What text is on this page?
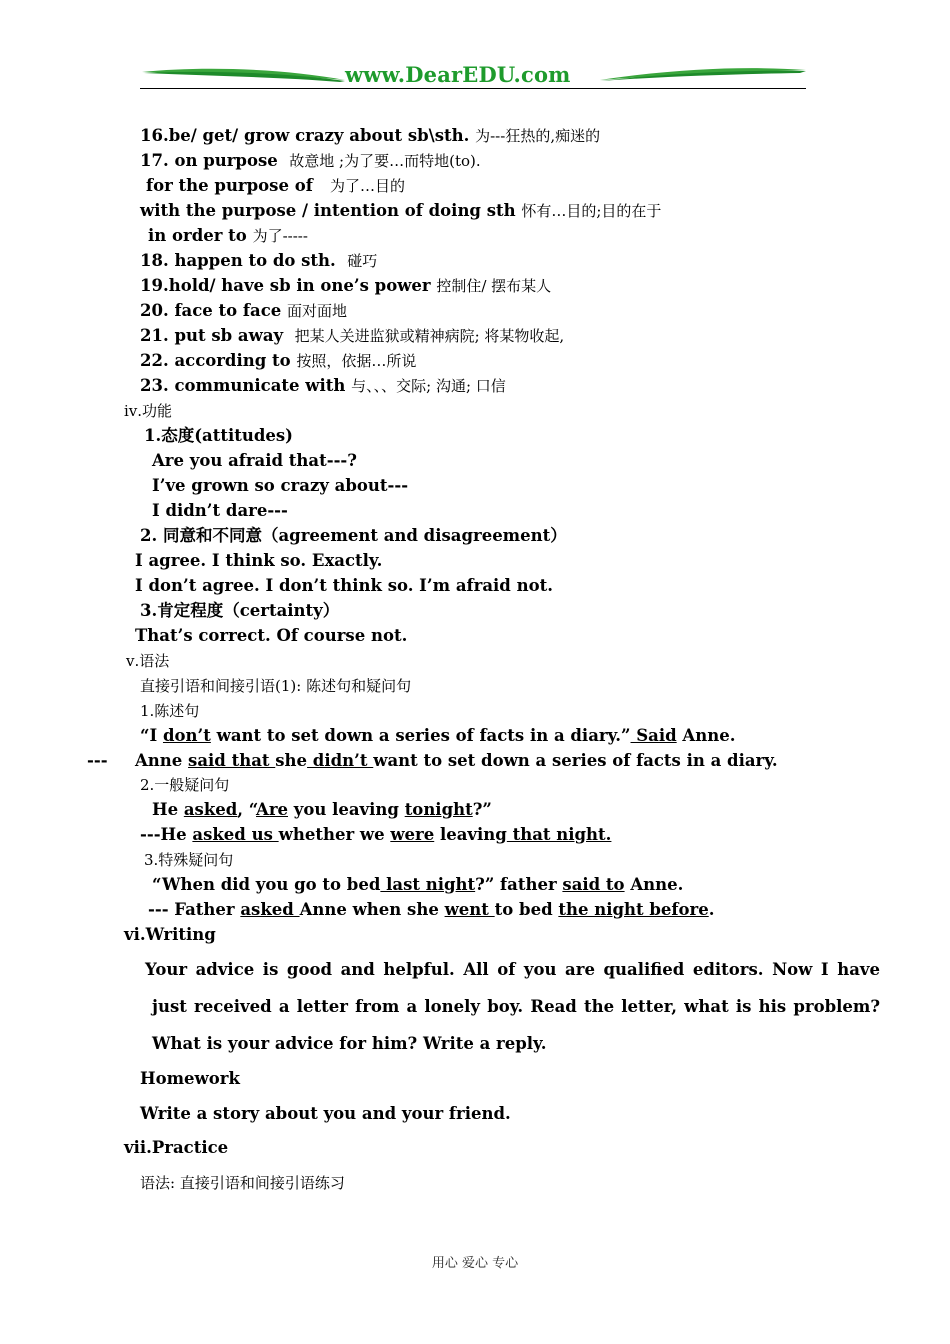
www.DearEDU.com
16.be/ get/ grow crazy about sb\sth. 为---狂热的,痴迷的
17. on purpose 故意地 ;为了要…而特地(to).
for the purpose of 为了…目的
with the purpose / intention of doing sth 怀有…目的;目的在于
in order to 为了-----
18. happen to do sth. 碰巧
19.hold/ have sb in one’s power 控制住/ 摆布某人
20. face to face 面对面地
21. put sb away 把某人关进监狱或精神病院; 将某物收起,
22. according to 按照，依据…所说
23. communicate with 与、、、交际; 沟通; 口信
ⅳ.功能
1.态度(attitudes)
Are you afraid that---?
I’ve grown so crazy about---
I didn’t dare---
2. 同意和不同意（agreement and disagreement）
I agree. I think so. Exactly.
I don’t agree. I don’t think so. I’m afraid not.
3.肯定程度（certainty）
That’s correct. Of course not.
ⅴ.语法
直接引语和间接引语(1): 陈述句和疑问句
1.陈述句
“I don’t want to set down a series of facts in a diary.” Said Anne.
--- Anne said that she didn’t want to set down a series of facts in a diary.
2.一般疑问句
He asked, “Are you leaving tonight?”
---He asked us whether we were leaving that night.
3.特殊疑问句
“When did you go to bed last night?” father said to Anne.
--- Father asked Anne when she went to bed the night before.
ⅵ.Writing
Your advice is good and helpful. All of you are qualified editors. Now I have
just received a letter from a lonely boy. Read the letter, what is his problem?
What is your advice for him? Write a reply.
Homework
Write a story about you and your friend.
ⅶ.Practice
语法: 直接引语和间接引语练习
用心 爱心 专心
